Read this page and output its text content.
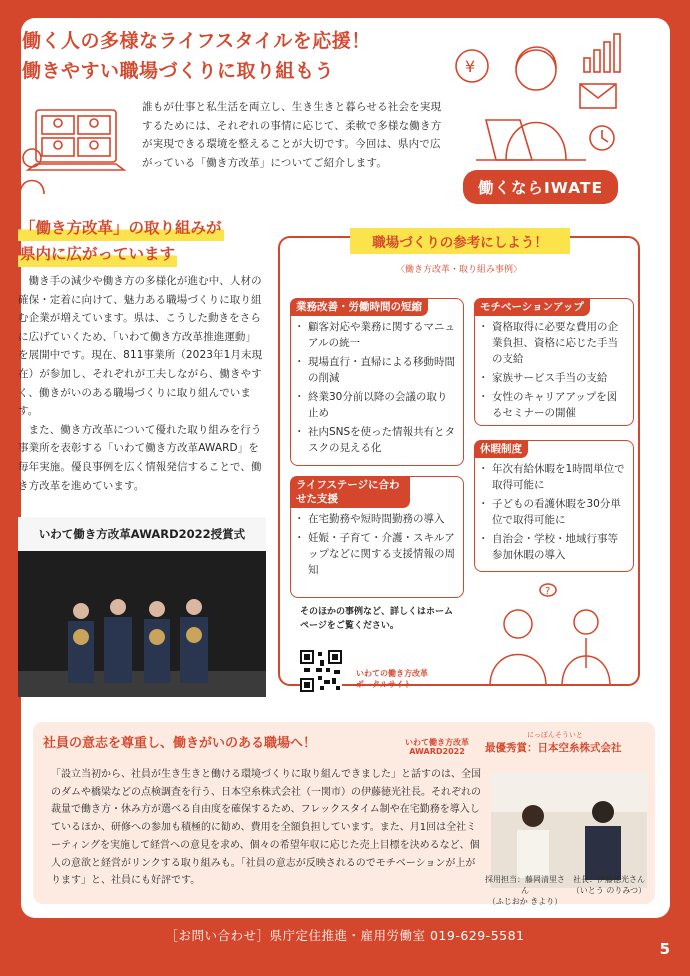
働く人の多様なライフスタイルを応援！
働きやすい職場づくりに取り組もう
誰もが仕事と私生活を両立し、生き生きと暮らせる社会を実現するためには、それぞれの事情に応じて、柔軟で多様な働き方が実現できる環境を整えることが大切です。今回は、県内で広がっている「働き方改革」についてご紹介します。
¥
働くならIWATE
「働き方改革」の取り組みが
県内に広がっています

働き手の減少や働き方の多様化が進む中、人材の確保・定着に向けて、魅力ある職場づくりに取り組む企業が増えています。県は、こうした動きをさらに広げていくため、「いわて働き方改革推進運動」を展開中です。現在、811事業所（2023年1月末現在）が参加し、それぞれが工夫しながら、働きやすく、働きがいのある職場づくりに取り組んでいます。

また、働き方改革について優れた取り組みを行う事業所を表彰する「いわて働き方改革AWARD」を毎年実施。優良事例を広く情報発信することで、働き方改革を進めています。

いわて働き方改革AWARD2022授賞式
職場づくりの参考にしよう！
〈働き方改革・取り組み事例〉
業務改善・労働時間の短縮
・ 顧客対応や業務に関するマニュアルの統一
・ 現場直行・直帰による移動時間の削減
・ 終業30分前以降の会議の取り止め
・ 社内SNSを使った情報共有とタスクの見える化
モチベーションアップ
・ 資格取得に必要な費用の企業負担、資格に応じた手当の支給
・ 家族サービス手当の支給
・ 女性のキャリアアップを図るセミナーの開催
ライフステージに合わせた支援
・ 在宅勤務や短時間勤務の導入
・ 妊娠・子育て・介護・スキルアップなどに関する支援情報の周知
休暇制度
・ 年次有給休暇を1時間単位で取得可能に
・ 子どもの看護休暇を30分単位で取得可能に
・ 自治会・学校・地域行事等参加休暇の導入
そのほかの事例など、詳しくはホームページをご覧ください。
いわての働き方改革
ポータルサイト
?
社員の意志を尊重し、働きがいのある職場へ！	いわて働き方改革
AWARD2022
にっぽんそういと
最優秀賞：日本空糸株式会社
「設立当初から、社員が生き生きと働ける環境づくりに取り組んできました」と話すのは、全国のダムや橋梁などの点検調査を行う、日本空糸株式会社（一関市）の伊藤徳光社長。それぞれの裁量で働き方・休み方が選べる自由度を確保するため、フレックスタイム制や在宅勤務を導入しているほか、研修への参加も積極的に勧め、費用を全額負担しています。また、月1回は全社ミーティングを実施して経営への意見を求め、個々の希望年収に応じた売上目標を決めるなど、個人の意欲と経営がリンクする取り組みも。「社員の意志が反映されるのでモチベーションが上がります」と、社員にも好評です。	採用担当：藤岡清里さん
（ふじおか きより）
社長：伊藤徳光さん
（いとう のりみつ）
［お問い合わせ］県庁定住推進・雇用労働室 019-629-5581
5
